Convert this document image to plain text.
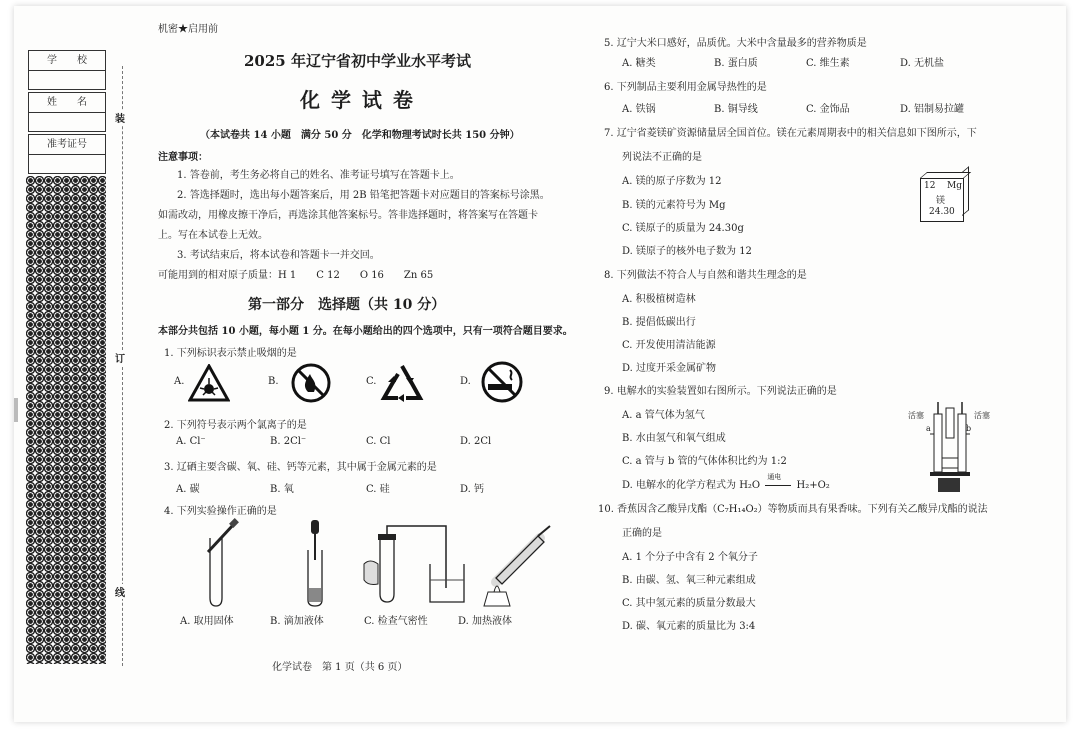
机密★启用前
学　　校
姓　　名
准考证号
装
订
线
2025 年辽宁省初中学业水平考试
化 学 试 卷
（本试卷共 14 小题　满分 50 分　化学和物理考试时长共 150 分钟）
注意事项：
1. 答卷前，考生务必将自己的姓名、准考证号填写在答题卡上。
2. 答选择题时，选出每小题答案后，用 2B 铅笔把答题卡对应题目的答案标号涂黑。
如需改动，用橡皮擦干净后，再选涂其他答案标号。答非选择题时，将答案写在答题卡
上。写在本试卷上无效。
3. 考试结束后，将本试卷和答题卡一并交回。
可能用到的相对原子质量：H 1　　C 12　　O 16　　Zn 65
第一部分　选择题（共 10 分）
本部分共包括 10 小题，每小题 1 分。在每小题给出的四个选项中，只有一项符合题目要求。
1. 下列标识表示禁止吸烟的是
A.	B.	C.	D.
2. 下列符号表示两个氯离子的是
A. Cl⁻	B. 2Cl⁻	C. Cl	D. 2Cl
3. 辽硒主要含碳、氧、硅、钙等元素，其中属于金属元素的是
A. 碳	B. 氧	C. 硅	D. 钙
4. 下列实验操作正确的是
A. 取用固体	B. 滴加液体	C. 检查气密性	D. 加热液体
化学试卷　第 1 页（共 6 页）
5. 辽宁大米口感好，品质优。大米中含量最多的营养物质是
A. 糖类	B. 蛋白质	C. 维生素	D. 无机盐
6. 下列制品主要利用金属导热性的是
A. 铁锅	B. 铜导线	C. 金饰品	D. 铝制易拉罐
7. 辽宁省菱镁矿资源储量居全国首位。镁在元素周期表中的相关信息如下图所示，下
列说法不正确的是
A. 镁的原子序数为 12
B. 镁的元素符号为 Mg
C. 镁原子的质量为 24.30g
D. 镁原子的核外电子数为 12
12 Mg
镁
24.30
8. 下列做法不符合人与自然和谐共生理念的是
A. 积极植树造林
B. 提倡低碳出行
C. 开发使用清洁能源
D. 过度开采金属矿物
9. 电解水的实验装置如右图所示。下列说法正确的是
A. a 管气体为氢气
B. 水由氢气和氧气组成
C. a 管与 b 管的气体体积比约为 1:2
D. 电解水的化学方程式为 H₂O
通电
H₂+O₂
活塞	活塞
a	b
10. 香蕉因含乙酸异戊酯（C₇H₁₄O₂）等物质而具有果香味。下列有关乙酸异戊酯的说法
正确的是
A. 1 个分子中含有 2 个氧分子
B. 由碳、氢、氧三种元素组成
C. 其中氢元素的质量分数最大
D. 碳、氧元素的质量比为 3:4
